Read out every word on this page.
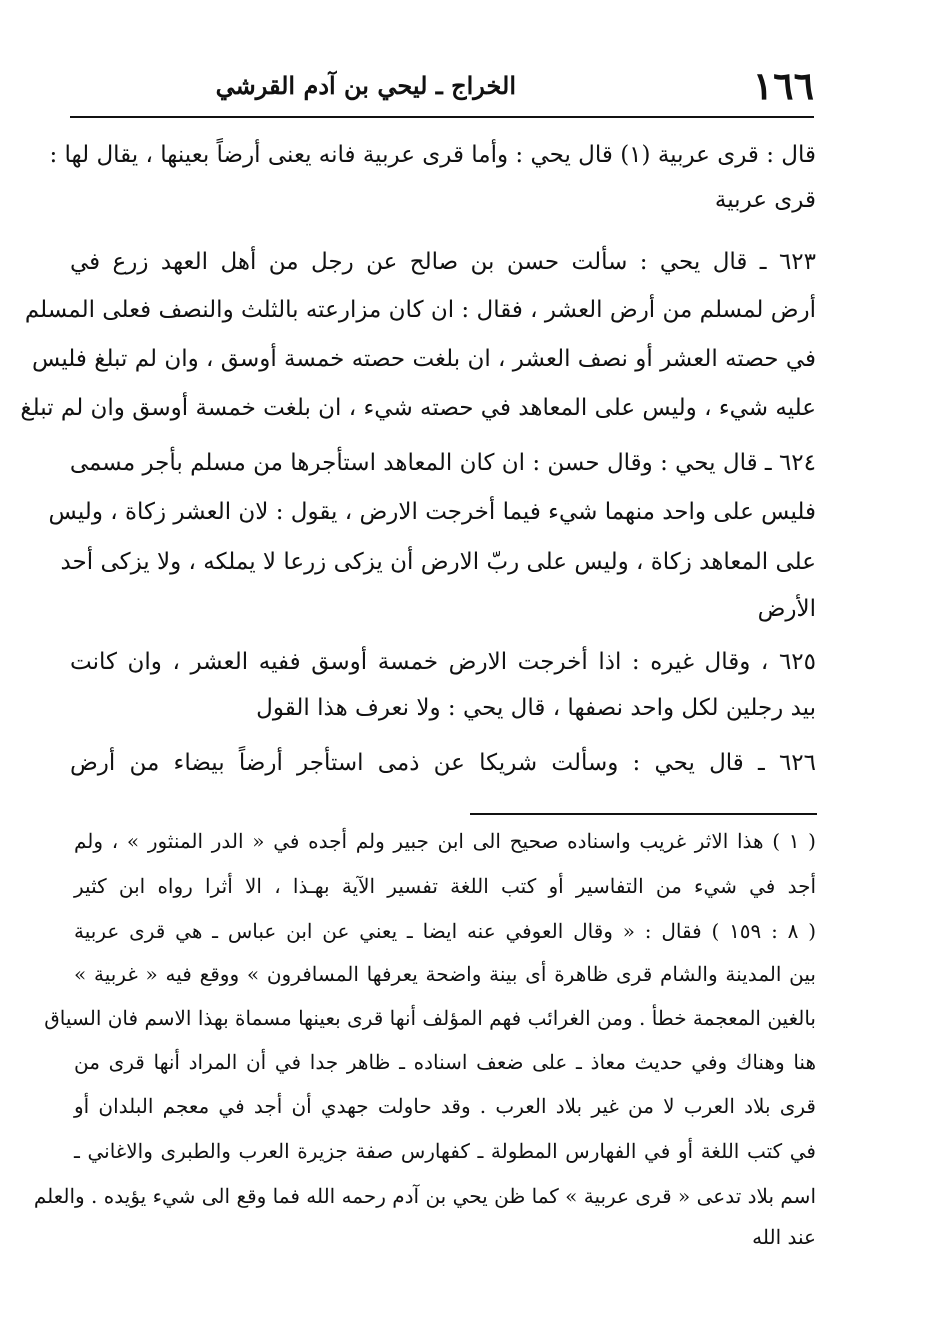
١٦٦
الخراج ـ ليحي بن آدم القرشي
قال : قرى عربية (١) قال يحي : وأما قرى عربية فانه يعنى أرضاً بعينها ، يقال لها :
قرى عربية
٦٢٣ ـ قال يحي : سألت حسن بن صالح عن رجل من أهل العهد زرع في
أرض لمسلم من أرض العشر ، فقال : ان كان مزارعته بالثلث والنصف فعلى المسلم
في حصته العشر أو نصف العشر ، ان بلغت حصته خمسة أوسق ، وان لم تبلغ فليس
عليه شيء ، وليس على المعاهد في حصته شيء ، ان بلغت خمسة أوسق وان لم تبلغ
٦٢٤ ـ قال يحي : وقال حسن : ان كان المعاهد استأجرها من مسلم بأجر مسمى
فليس على واحد منهما شيء فيما أخرجت الارض ، يقول : لان العشر زكاة ، وليس
على المعاهد زكاة ، وليس على ربّ الارض أن يزكى زرعا لا يملكه ، ولا يزكى أحد
الأرض
٦٢٥ ، وقال غيره : اذا أخرجت الارض خمسة أوسق ففيه العشر ، وان كانت
بيد رجلين لكل واحد نصفها ، قال يحي : ولا نعرف هذا القول
٦٢٦ ـ قال يحي : وسألت شريكا عن ذمى استأجر أرضاً بيضاء من أرض
( ١ ) هذا الاثر غريب واسناده صحيح الى ابن جبير ولم أجده في « الدر المنثور » ، ولم
أجد في شيء من التفاسير أو كتب اللغة تفسير الآية بهـذا ، الا أثرا رواه ابن كثير
( ٨ : ١٥٩ ) فقال : « وقال العوفي عنه ايضا ـ يعني عن ابن عباس ـ هي قرى عربية
بين المدينة والشام قرى ظاهرة أى بينة واضحة يعرفها المسافرون » ووقع فيه « غربية »
بالغين المعجمة خطأ . ومن الغرائب فهم المؤلف أنها قرى بعينها مسماة بهذا الاسم فان السياق
هنا وهناك وفي حديث معاذ ـ على ضعف اسناده ـ ظاهر جدا في أن المراد أنها قرى من
قرى بلاد العرب لا من غير بلاد العرب . وقد حاولت جهدي أن أجد في معجم البلدان أو
في كتب اللغة أو في الفهارس المطولة ـ كفهارس صفة جزيرة العرب والطبرى والاغاني ـ
اسم بلاد تدعى « قرى عربية » كما ظن يحي بن آدم رحمه الله فما وقع الى شيء يؤيده . والعلم
عند الله
